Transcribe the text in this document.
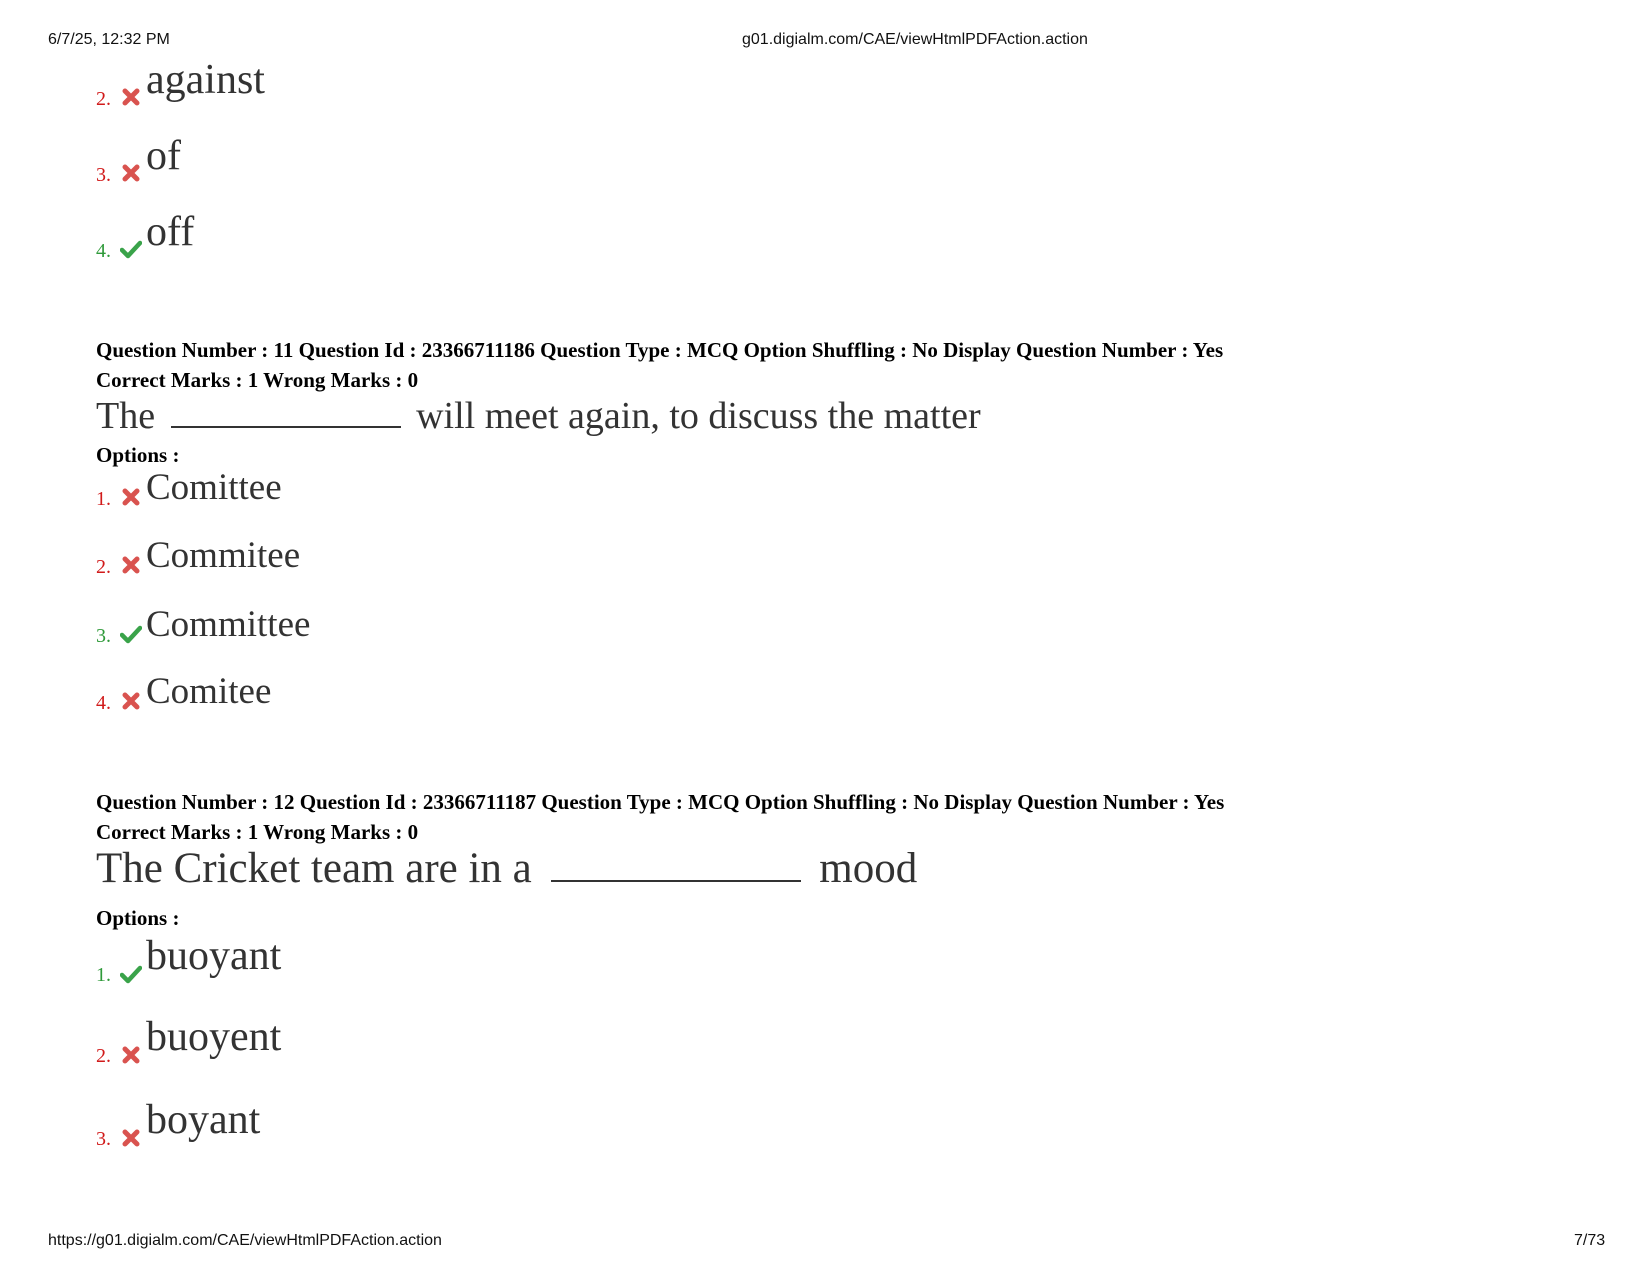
6/7/25, 12:32 PM	g01.digialm.com/CAE/viewHtmlPDFAction.action
2. against
3. of
4. off
Question Number : 11 Question Id : 23366711186 Question Type : MCQ Option Shuffling : No Display Question Number : Yes
Correct Marks : 1 Wrong Marks : 0
The	will meet again, to discuss the matter
Options :
1. Comittee
2. Commitee
3. Committee
4. Comitee
Question Number : 12 Question Id : 23366711187 Question Type : MCQ Option Shuffling : No Display Question Number : Yes
Correct Marks : 1 Wrong Marks : 0
The Cricket team are in a	mood
Options :
1. buoyant
2. buoyent
3. boyant
https://g01.digialm.com/CAE/viewHtmlPDFAction.action	7/73
